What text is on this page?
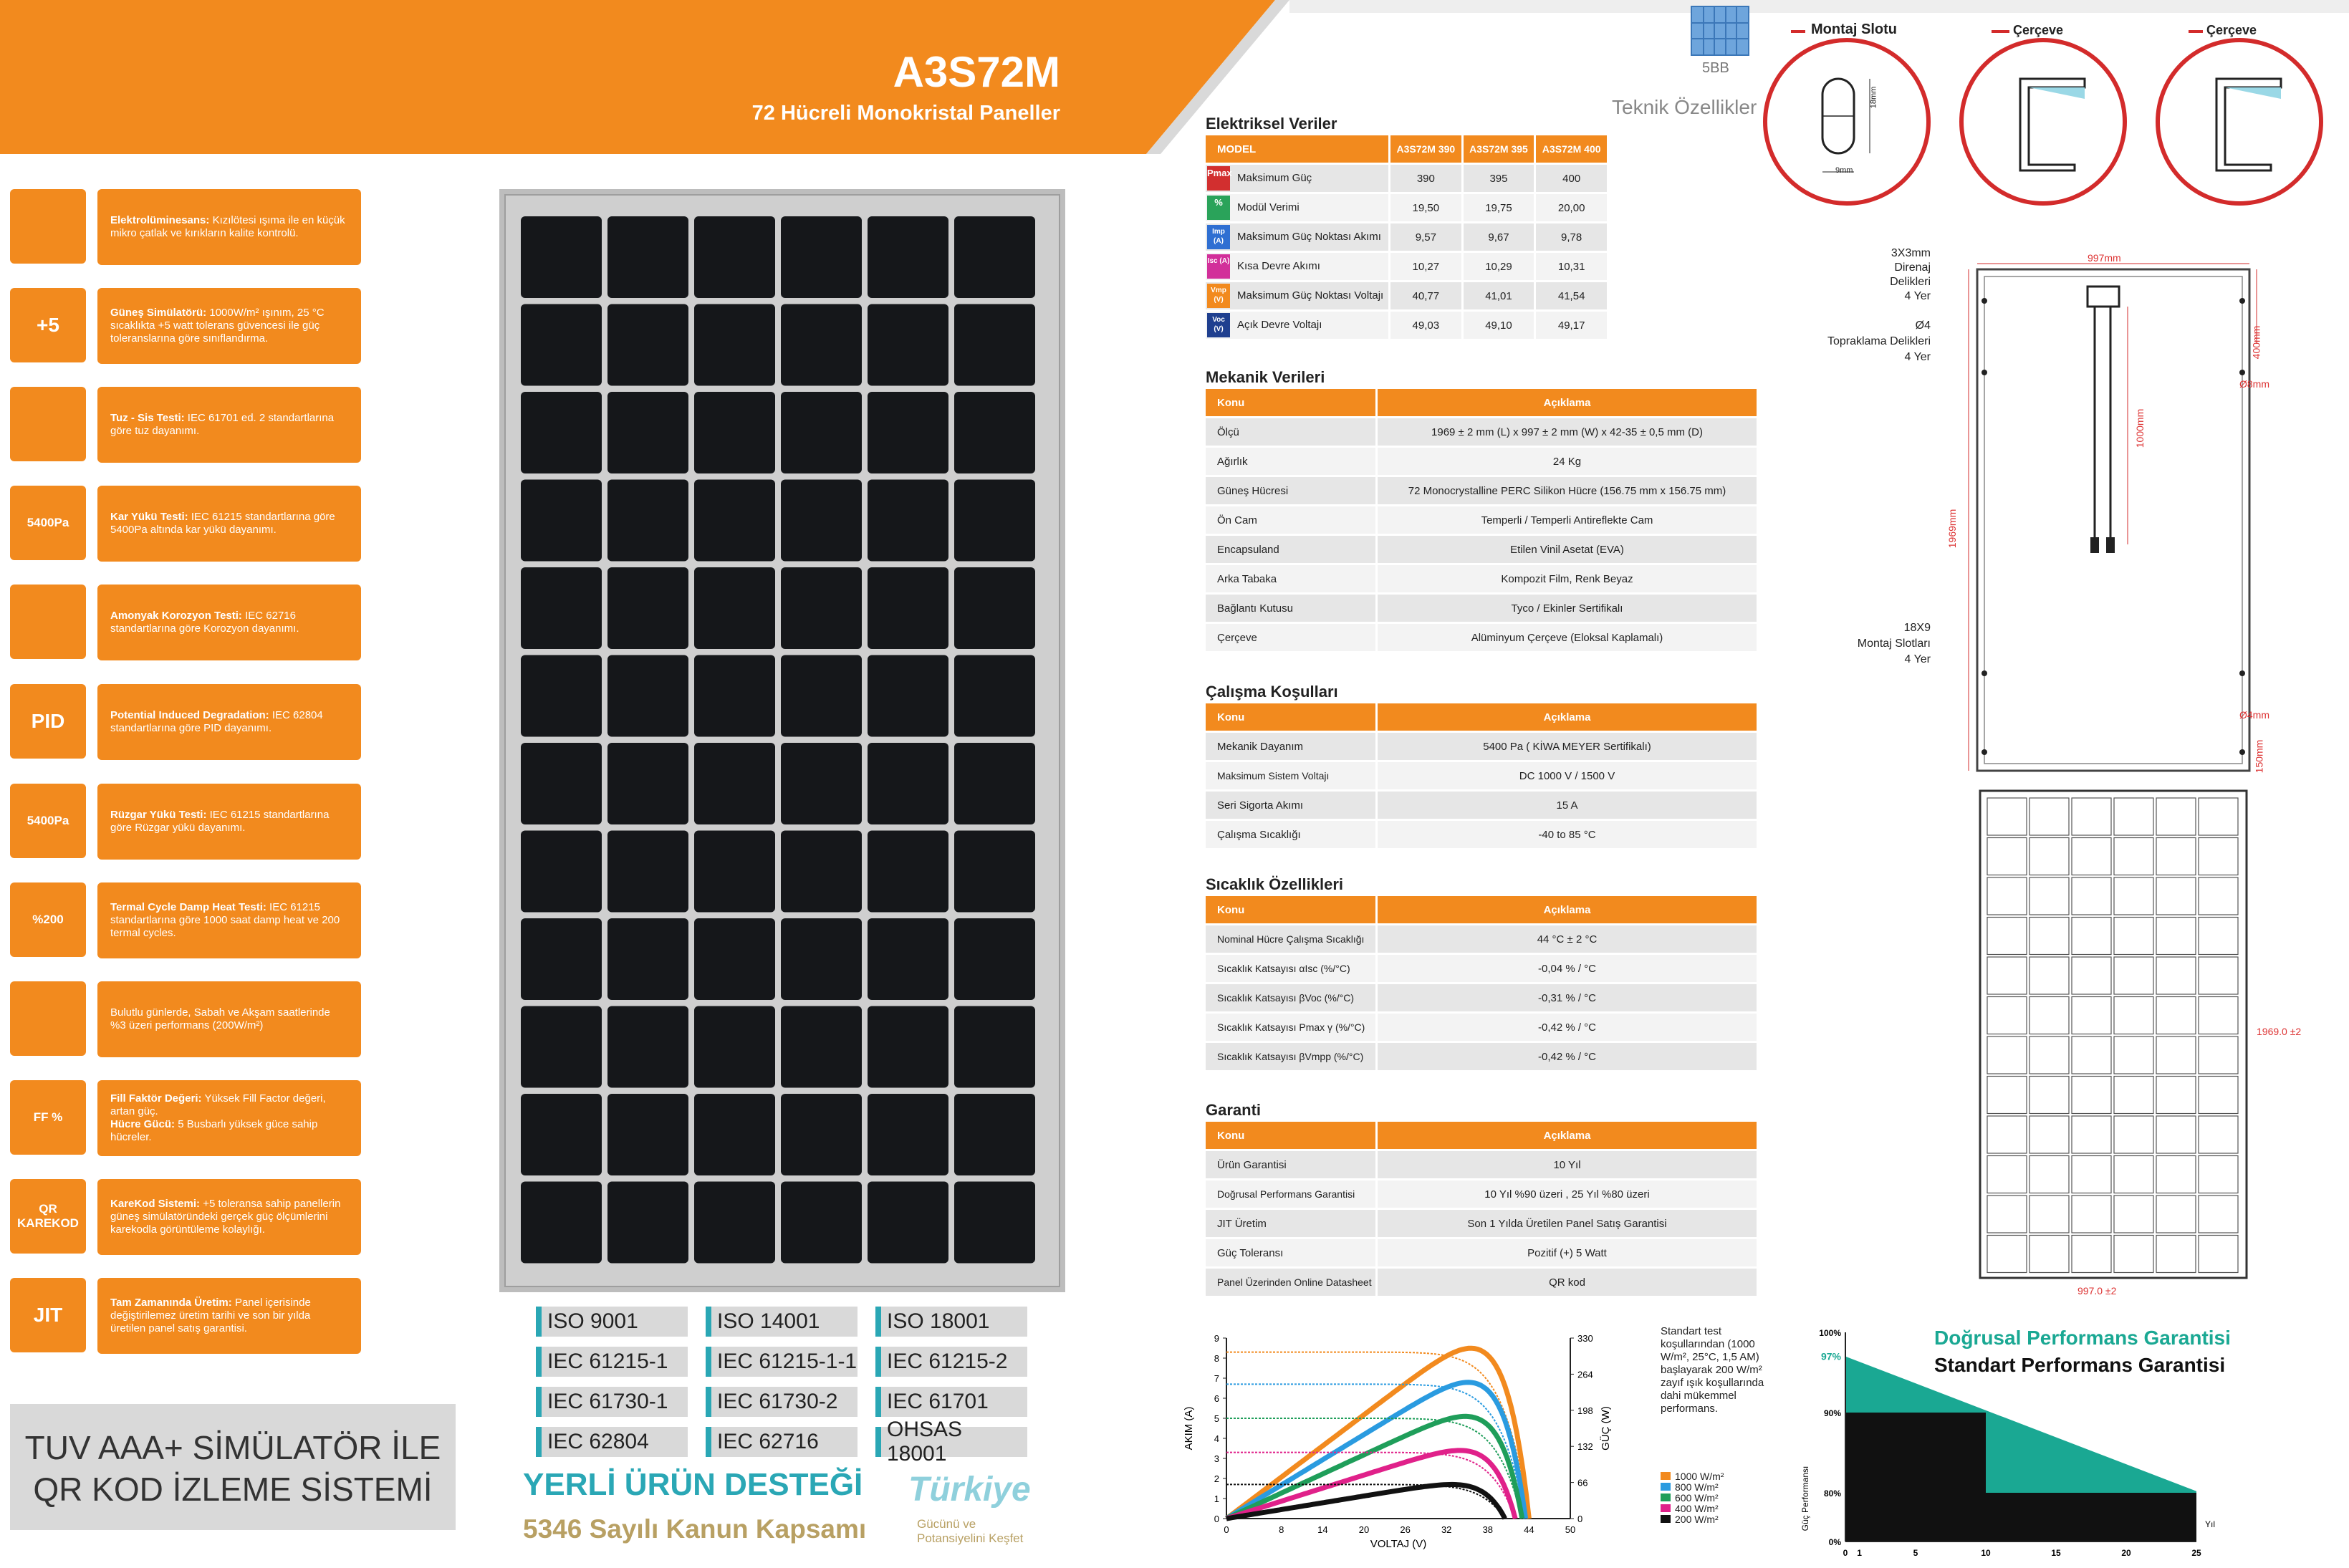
A3S72M
72 Hücreli Monokristal Paneller
5BB
Teknik Özellikler
Elektrolüminesans: Kızılötesi ışıma ile en küçük mikro çatlak ve kırıkların kalite kontrolü.
+5
Güneş Simülatörü: 1000W/m² ışınım, 25 °C sıcaklıkta +5 watt tolerans güvencesi ile güç toleranslarına göre sınıflandırma.
Tuz - Sis Testi: IEC 61701 ed. 2 standartlarına göre tuz dayanımı.
5400Pa	Kar Yükü Testi: IEC 61215 standartlarına göre 5400Pa altında kar yükü dayanımı.
Amonyak Korozyon Testi: IEC 62716 standartlarına göre Korozyon dayanımı.
PID	Potential Induced Degradation: IEC 62804 standartlarına göre PID dayanımı.
5400Pa	Rüzgar Yükü Testi: IEC 61215 standartlarına göre Rüzgar yükü dayanımı.
%200
Termal Cycle Damp Heat Testi: IEC 61215 standartlarına göre 1000 saat damp heat ve 200 termal cycles.
Bulutlu günlerde, Sabah ve Akşam saatlerinde %3 üzeri performans (200W/m²)
FF %
Fill Faktör Değeri: Yüksek Fill Factor değeri, artan güç.
Hücre Gücü: 5 Busbarlı yüksek güce sahip hücreler.
QR KAREKOD
KareKod Sistemi: +5 toleransa sahip panellerin güneş simülatöründeki gerçek güç ölçümlerini karekodla görüntüleme kolaylığı.
JIT
Tam Zamanında Üretim: Panel içerisinde değiştirilemez üretim tarihi ve son bir yılda üretilen panel satış garantisi.
TUV AAA+ SİMÜLATÖR İLE
QR KOD İZLEME SİSTEMİ
ISO 9001	ISO 14001	ISO 18001
IEC 61215-1	IEC 61215-1-1	IEC 61215-2
IEC 61730-1	IEC 61730-2	IEC 61701
IEC 62804	IEC 62716
OHSAS 18001
YERLİ ÜRÜN DESTEĞİ
5346 Sayılı Kanun Kapsamı
Türkiye
Gücünü ve
Potansiyelini Keşfet
Elektriksel Veriler
MODEL	A3S72M 390	A3S72M 395	A3S72M 400
Pmax Maksimum Güç	390	395	400
% Modül Verimi	19,50	19,75	20,00
Imp (A) Maksimum Güç Noktası Akımı	9,57	9,67	9,78
Isc (A) Kısa Devre Akımı	10,27	10,29	10,31
Vmp (V) Maksimum Güç Noktası Voltajı	40,77	41,01	41,54
Voc (V) Açık Devre Voltajı	49,03	49,10	49,17
Mekanik Verileri
Konu	Açıklama
Ölçü	1969 ± 2 mm (L) x 997 ± 2 mm (W) x 42-35 ± 0,5 mm (D)
Ağırlık	24 Kg
Güneş Hücresi	72 Monocrystalline PERC Silikon Hücre (156.75 mm x 156.75 mm)
Ön Cam	Temperli / Temperli Antireflekte Cam
Encapsuland	Etilen Vinil Asetat (EVA)
Arka Tabaka	Kompozit Film, Renk Beyaz
Bağlantı Kutusu	Tyco / Ekinler Sertifikalı
Çerçeve	Alüminyum Çerçeve (Eloksal Kaplamalı)
Çalışma Koşulları
Konu	Açıklama
Mekanik Dayanım	5400 Pa ( KİWA MEYER Sertifikalı)
Maksimum Sistem Voltajı	DC 1000 V / 1500 V
Seri Sigorta Akımı	15 A
Çalışma Sıcaklığı	-40 to 85 °C
Sıcaklık Özellikleri
Konu	Açıklama
Nominal Hücre Çalışma Sıcaklığı	44 °C ± 2 °C
Sıcaklık Katsayısı αIsc (%/°C)	-0,04 % / °C
Sıcaklık Katsayısı βVoc (%/°C)	-0,31 % / °C
Sıcaklık Katsayısı Pmax γ (%/°C)	-0,42 % / °C
Sıcaklık Katsayısı βVmpp (%/°C)	-0,42 % / °C
Garanti
Konu	Açıklama
Ürün Garantisi	10 Yıl
Doğrusal Performans Garantisi	10 Yıl %90 üzeri , 25 Yıl %80 üzeri
JIT Üretim	Son 1 Yılda Üretilen Panel Satış Garantisi
Güç Toleransı	Pozitif (+) 5 Watt
Panel Üzerinden Online Datasheet	QR kod
Montaj Slotu	Çerçeve	Çerçeve
18mm
9mm
997mm
400mm
Ø8mm
1000mm
1969mm
Ø4mm
150mm
3X3mm
Direnaj Delikleri
4 Yer
Ø4
Topraklama Delikleri
4 Yer
18X9
Montaj Slotları
4 Yer
997.0 ±2
1969.0 ±2
0	8	14	20	26	32	38	44	50
0
1
2
3
4
5
6
7
8
9
0
66
132
198
264
330
VOLTAJ (V)
AKIM (A)	GÜÇ (W)
Standart test koşullarından (1000 W/m², 25°C, 1,5 AM) başlayarak 200 W/m² zayıf ışık koşullarında dahi mükemmel performans.
1000 W/m²
800 W/m²
600 W/m²
400 W/m²
200 W/m²
0 1	5	10	15	20	25
0%
80%
90%
100%
97%
Yıl
Güç Performansı
Doğrusal Performans Garantisi
Standart Performans Garantisi
